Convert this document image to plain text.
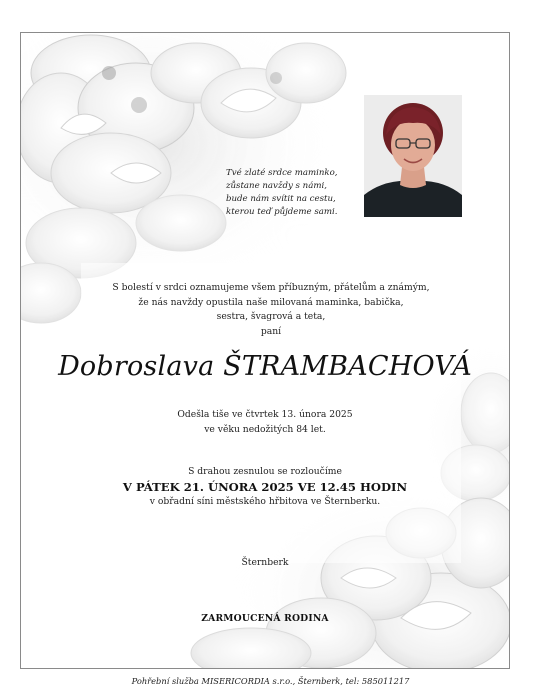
Tvé zlaté srdce maminko,
zůstane navždy s námi,
bude nám svítit na cestu,
kterou teď půjdeme sami.
S bolestí v srdci oznamujeme všem příbuzným, přátelům a známým,
že nás navždy opustila naše milovaná maminka, babička,
sestra, švagrová a teta,
paní
Dobroslava ŠTRAMBACHOVÁ
Odešla tiše ve čtvrtek 13. února 2025
ve věku nedožitých 84 let.
S drahou zesnulou se rozloučíme
V PÁTEK 21. ÚNORA 2025 VE 12.45 HODIN
v obřadní síni městského hřbitova ve Šternberku.
Šternberk
ZARMOUCENÁ RODINA
Pohřební služba MISERICORDIA s.r.o., Šternberk, tel: 585011217
